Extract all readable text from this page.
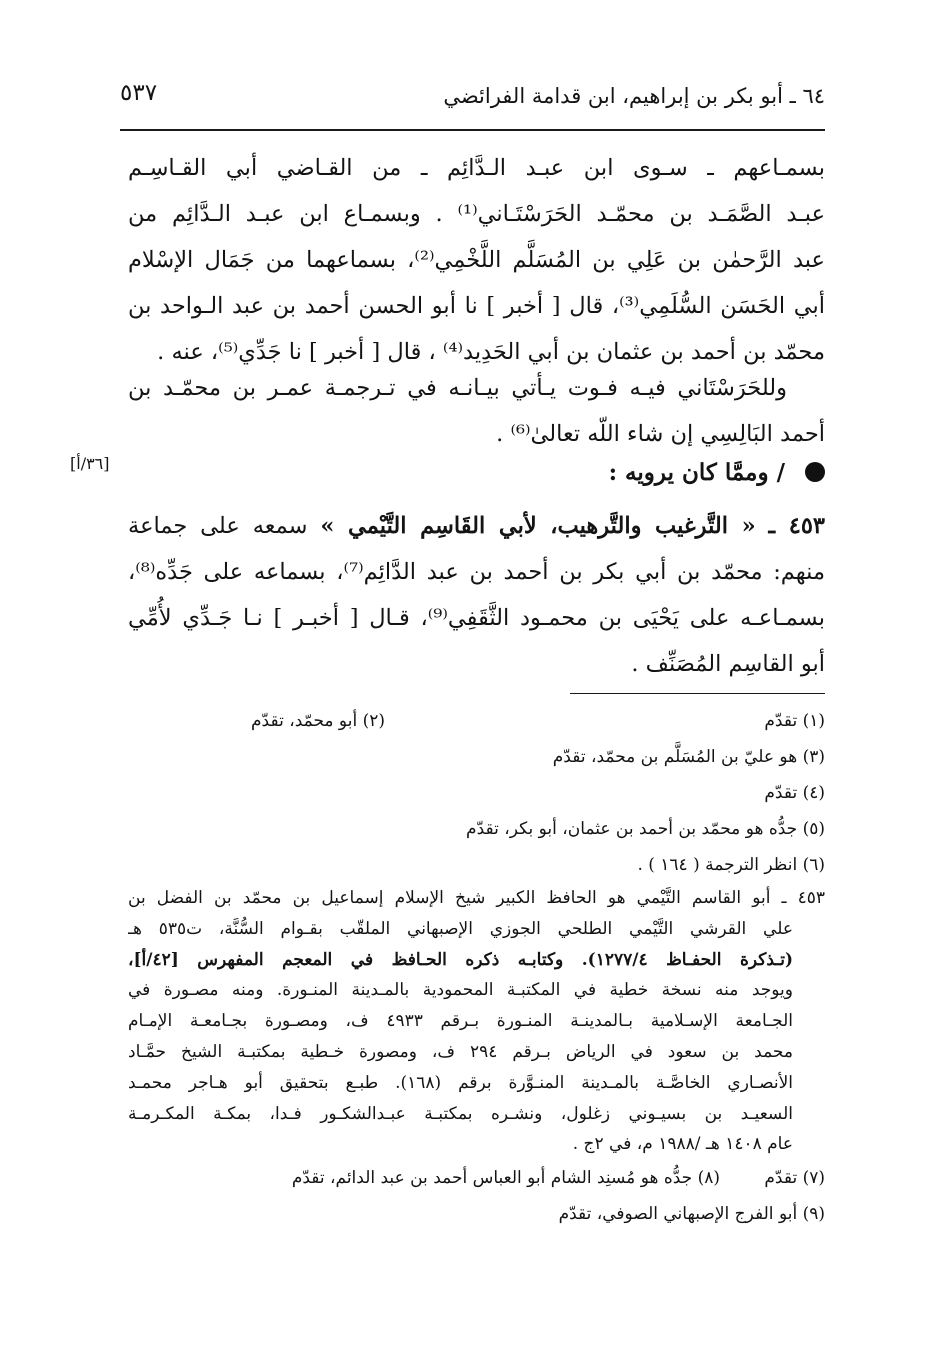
٦٤ ـ أبو بكر بن إبراهيم، ابن قدامة الفرائضي
٥٣٧
بسمـاعهم ـ سـوى ابن عبـد الـدَّائِم ـ من القـاضي أبي القـاسِـم
عبـد الصَّمَـد بن محمّـد الحَرَسْتَـاني⁽¹⁾ . وبسمـاع ابن عبـد الـدَّائِم من
عبد الرَّحمٰن بن عَلِي بن المُسَلَّم اللَّخْمِي⁽²⁾، بسماعهما من جَمَال الإسْلام
أبي الحَسَن السُّلَمِي⁽³⁾، قال [ أخبر ] نا أبو الحسن أحمد بن عبد الـواحد بن
محمّد بن أحمد بن عثمان بن أبي الحَدِيد⁽⁴⁾ ، قال [ أخبر ] نا جَدِّي⁽⁵⁾، عنه .
وللحَرَسْتَاني فيـه فـوت يـأتي بيـانـه في تـرجمـة عمـر بن محمّـد بن
أحمد البَالِسِي إن شاء اللّه تعالىٰ⁽⁶⁾ .
/ وممَّا كان يرويه :
[٣٦/أ]
٤٥٣ ـ « التَّرغيب والتَّرهيب، لأبي القَاسِم التَّيْمي » سمعه على جماعة
منهم: محمّد بن أبي بكر بن أحمد بن عبد الدَّائِم⁽⁷⁾، بسماعه على جَدِّه⁽⁸⁾،
بسمـاعـه على يَحْيَى بن محمـود الثَّقَفِي⁽⁹⁾، قـال [ أخبـر ] نـا جَـدِّي لأُمِّي
أبو القاسِم المُصَنِّف .
(١) تقدّم
(٢) أبو محمّد، تقدّم
(٣) هو عليّ بن المُسَلَّم بن محمّد، تقدّم
(٤) تقدّم
(٥) جدُّه هو محمّد بن أحمد بن عثمان، أبو بكر، تقدّم
(٦) انظر الترجمة ( ١٦٤ ) .
٤٥٣ ـ أبو القاسم التَّيْمي هو الحافظ الكبير شيخ الإسلام إسماعيل بن محمّد بن الفضل بن
علي القرشي التَّيْمي الطلحي الجوزي الإصبهاني الملقّب بقـوام السُّنَّة، ت٥٣٥ هـ
(تـذكرة الحفـاظ ١٢٧٧/٤). وكتابـه ذكره الحـافظ في المعجم المفهرس [٤٢/أ]،
ويوجد منه نسخة خطية في المكتبـة المحمودية بالمـدينة المنـورة. ومنه مصـورة في
الجـامعة الإسـلامية بـالمدينـة المنـورة بـرقم ٤٩٣٣ ف، ومصـورة بجـامعـة الإمـام
محمد بن سعود في الرياض بـرقم ٢٩٤ ف، ومصورة خـطية بمكتبـة الشيخ حمَّـاد
الأنصـاري الخاصَّـة بالمـدينة المنـوَّرة برقم (١٦٨). طبـع بتحقيق أبو هـاجر محمـد
السعيـد بن بسيـوني زغلول، ونشـره بمكتبـة عبـدالشكـور فـدا، بمكـة المكـرمـة
عام ١٤٠٨ هـ /١٩٨٨ م، في ٢ج .
(٧) تقدّم
(٨) جدُّه هو مُسنِد الشام أبو العباس أحمد بن عبد الدائم، تقدّم
(٩) أبو الفرج الإصبهاني الصوفي، تقدّم
